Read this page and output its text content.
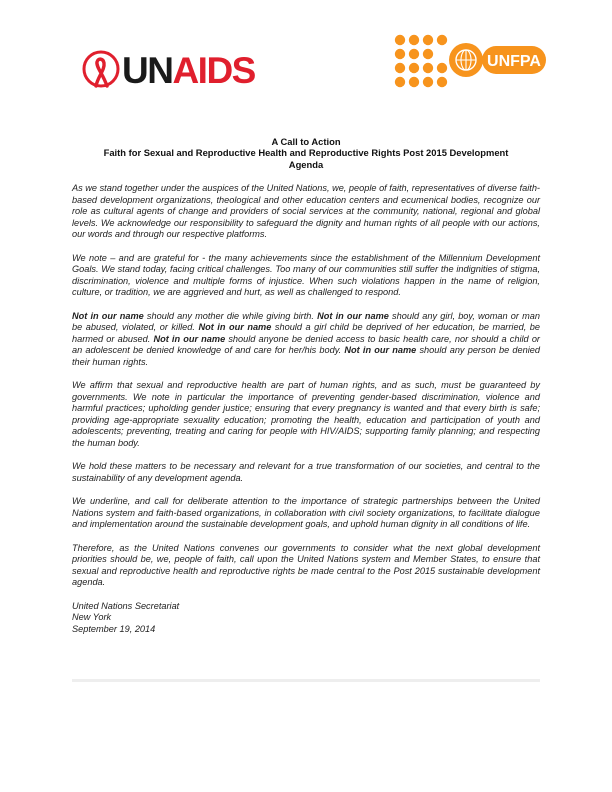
UNAIDS	UNFPA
A Call to Action
Faith for Sexual and Reproductive Health and Reproductive Rights Post 2015 Development
Agenda

As we stand together under the auspices of the United Nations, we, people of faith, representatives of diverse faith-based development organizations, theological and other education centers and ecumenical bodies, recognize our role as cultural agents of change and providers of social services at the community, national, regional and global levels. We acknowledge our responsibility to safeguard the dignity and human rights of all people with our actions, our words and through our respective platforms.

We note – and are grateful for - the many achievements since the establishment of the Millennium Development Goals. We stand today, facing critical challenges. Too many of our communities still suffer the indignities of stigma, discrimination, violence and multiple forms of injustice. When such violations happen in the name of religion, culture, or tradition, we are aggrieved and hurt, as well as challenged to respond.

Not in our name should any mother die while giving birth. Not in our name should any girl, boy, woman or man be abused, violated, or killed. Not in our name should a girl child be deprived of her education, be married, be harmed or abused. Not in our name should anyone be denied access to basic health care, nor should a child or an adolescent be denied knowledge of and care for her/his body. Not in our name should any person be denied their human rights.

We affirm that sexual and reproductive health are part of human rights, and as such, must be guaranteed by governments. We note in particular the importance of preventing gender-based discrimination, violence and harmful practices; upholding gender justice; ensuring that every pregnancy is wanted and that every birth is safe; providing age-appropriate sexuality education; promoting the health, education and participation of youth and adolescents; preventing, treating and caring for people with HIV/AIDS; supporting family planning; and respecting the human body.

We hold these matters to be necessary and relevant for a true transformation of our societies, and central to the sustainability of any development agenda.

We underline, and call for deliberate attention to the importance of strategic partnerships between the United Nations system and faith-based organizations, in collaboration with civil society organizations, to facilitate dialogue and implementation around the sustainable development goals, and uphold human dignity in all conditions of life.

Therefore, as the United Nations convenes our governments to consider what the next global development priorities should be, we, people of faith, call upon the United Nations system and Member States, to ensure that sexual and reproductive health and reproductive rights be made central to the Post 2015 sustainable development agenda.

United Nations Secretariat
New York
September 19, 2014
